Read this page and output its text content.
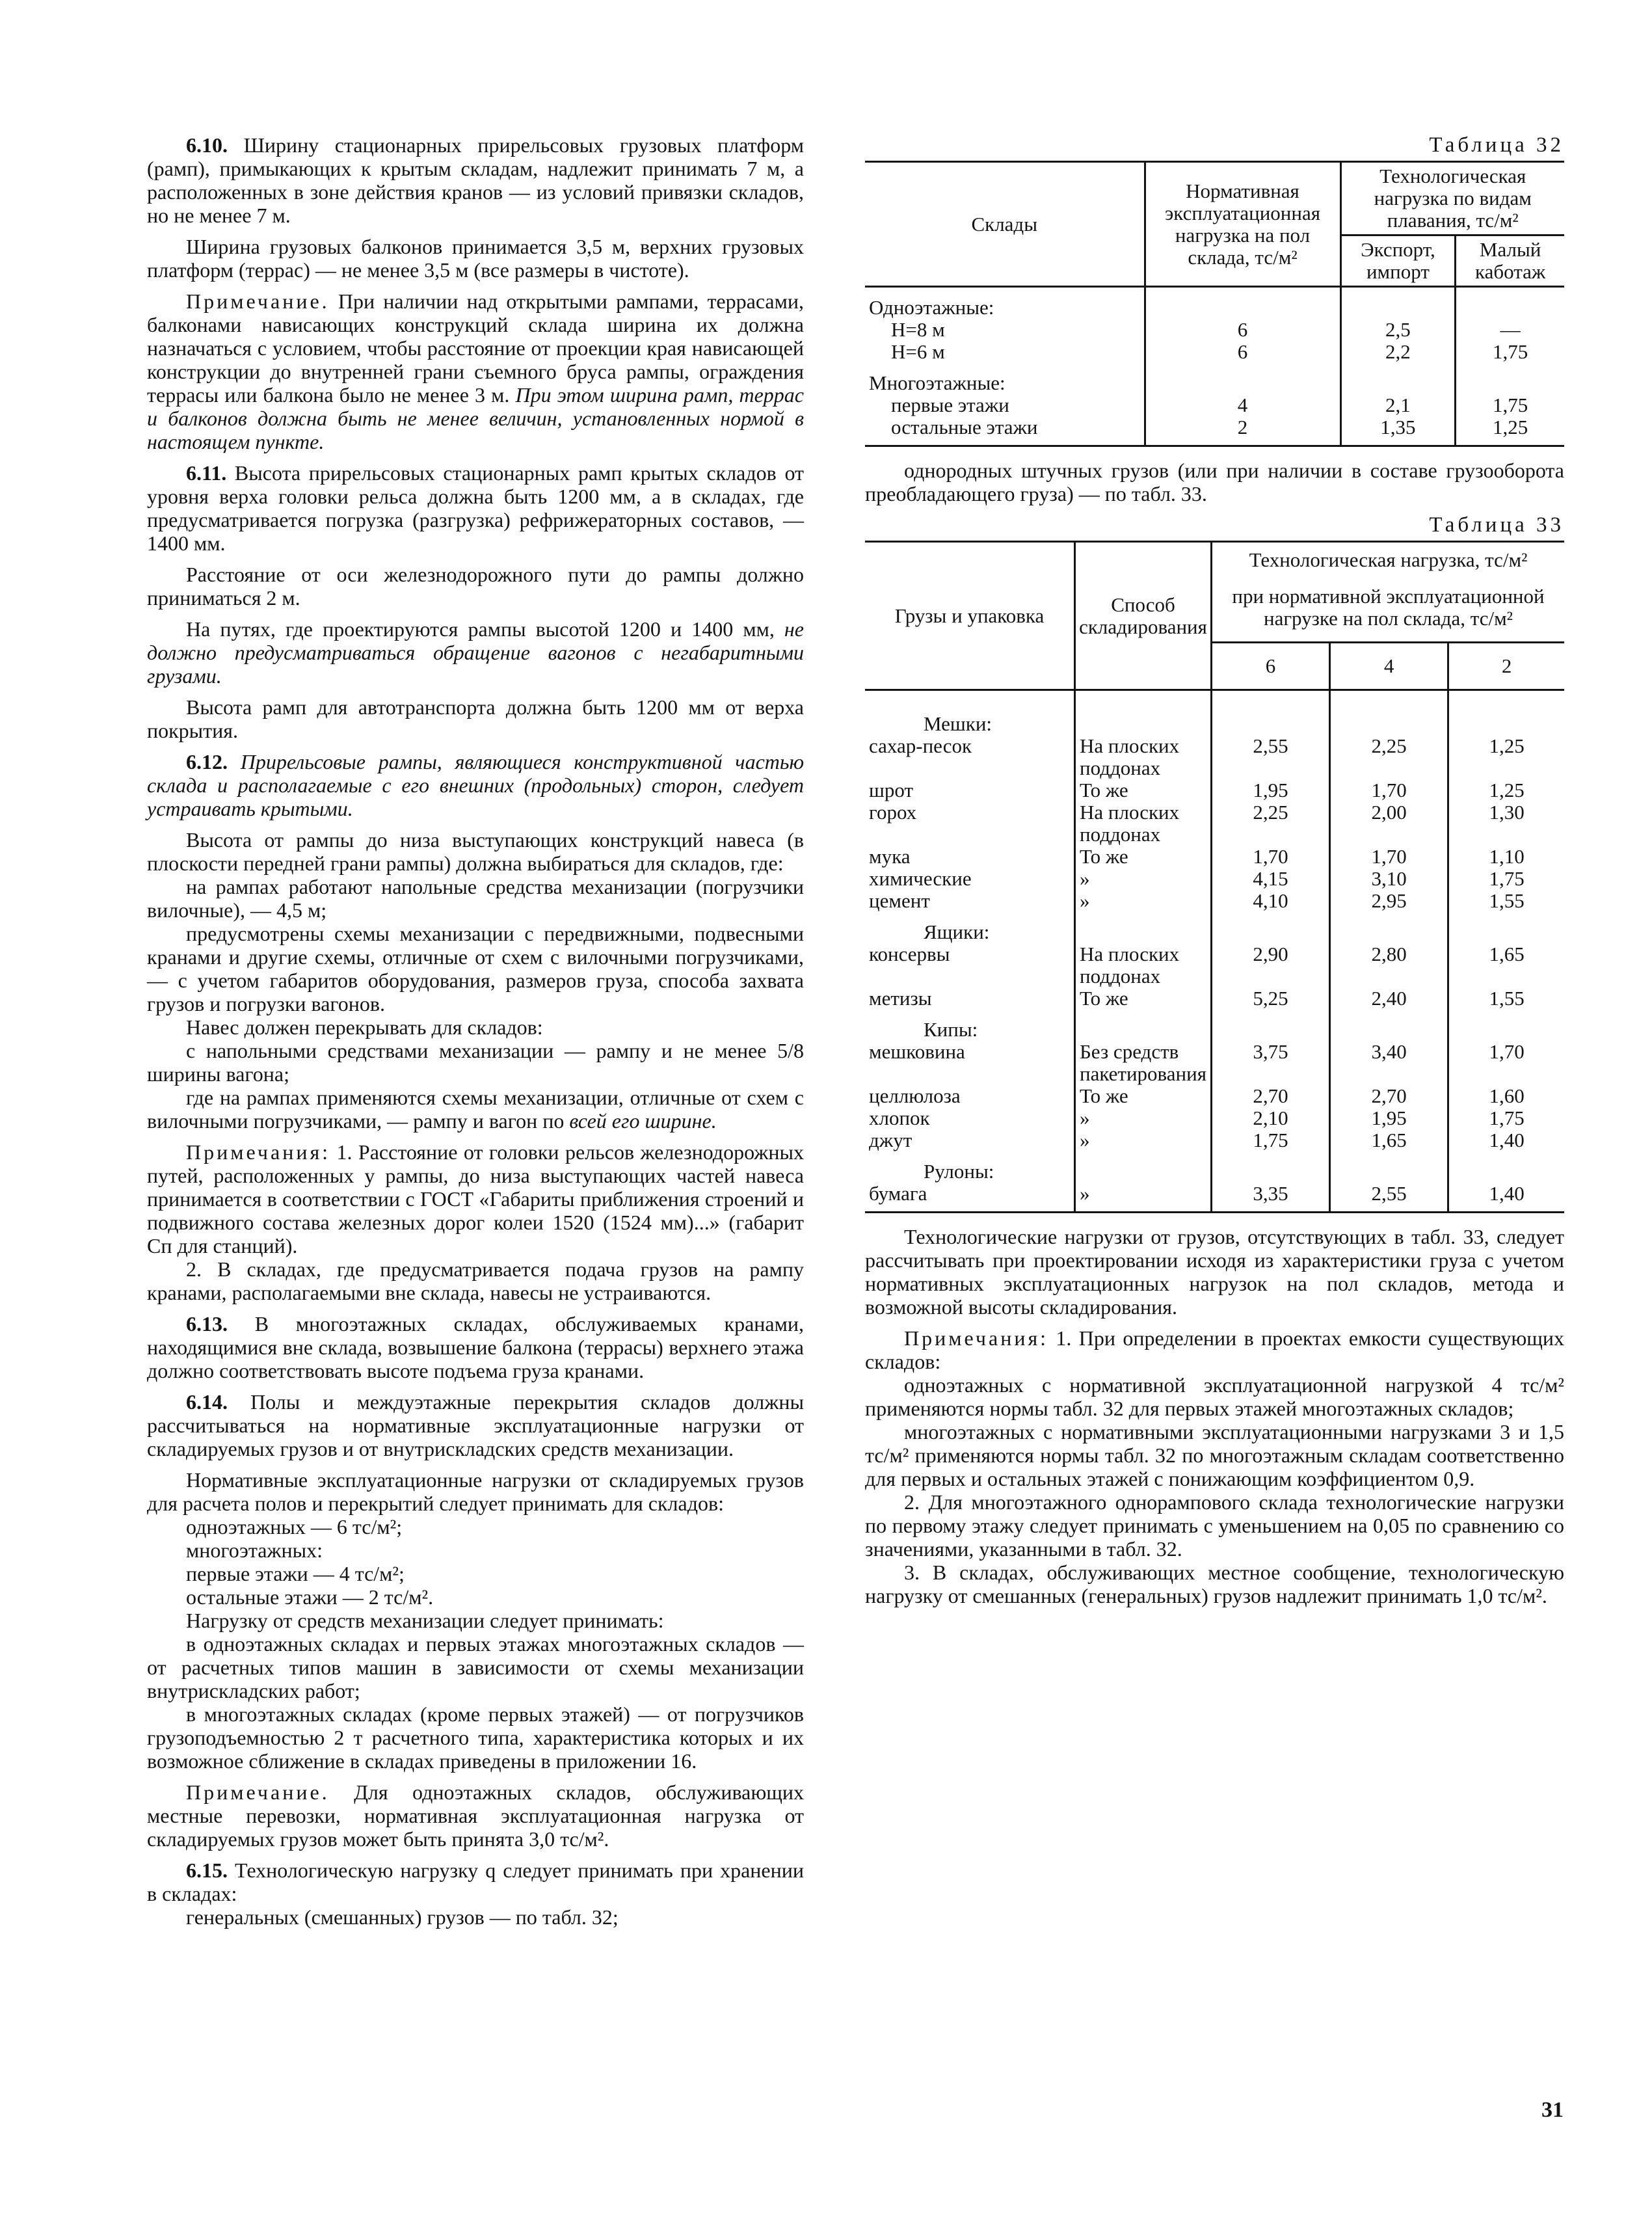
6.10. Ширину стационарных прирельсовых грузовых платформ (рамп), примыкающих к крытым складам, надлежит принимать 7 м, а расположенных в зоне действия кранов — из условий привязки складов, но не менее 7 м.

Ширина грузовых балконов принимается 3,5 м, верхних грузовых платформ (террас) — не менее 3,5 м (все размеры в чистоте).

Примечание. При наличии над открытыми рампами, террасами, балконами нависающих конструкций склада ширина их должна назначаться с условием, чтобы расстояние от проекции края нависающей конструкции до внутренней грани съемного бруса рампы, ограждения террасы или балкона было не менее 3 м. При этом ширина рамп, террас и балконов должна быть не менее величин, установленных нормой в настоящем пункте.

6.11. Высота прирельсовых стационарных рамп крытых складов от уровня верха головки рельса должна быть 1200 мм, а в складах, где предусматривается погрузка (разгрузка) рефрижераторных составов, — 1400 мм.

Расстояние от оси железнодорожного пути до рампы должно приниматься 2 м.

На путях, где проектируются рампы высотой 1200 и 1400 мм, не должно предусматриваться обращение вагонов с негабаритными грузами.

Высота рамп для автотранспорта должна быть 1200 мм от верха покрытия.

6.12. Прирельсовые рампы, являющиеся конструктивной частью склада и располагаемые с его внешних (продольных) сторон, следует устраивать крытыми.

Высота от рампы до низа выступающих конструкций навеса (в плоскости передней грани рампы) должна выбираться для складов, где:

на рампах работают напольные средства механизации (погрузчики вилочные), — 4,5 м;

предусмотрены схемы механизации с передвижными, подвесными кранами и другие схемы, отличные от схем с вилочными погрузчиками, — с учетом габаритов оборудования, размеров груза, способа захвата грузов и погрузки вагонов.

Навес должен перекрывать для складов:

с напольными средствами механизации — рампу и не менее 5/8 ширины вагона;

где на рампах применяются схемы механизации, отличные от схем с вилочными погрузчиками, — рампу и вагон по всей его ширине.

Примечания: 1. Расстояние от головки рельсов железнодорожных путей, расположенных у рампы, до низа выступающих частей навеса принимается в соответствии с ГОСТ «Габариты приближения строений и подвижного состава железных дорог колеи 1520 (1524 мм)...» (габарит Сп для станций).

2. В складах, где предусматривается подача грузов на рампу кранами, располагаемыми вне склада, навесы не устраиваются.

6.13. В многоэтажных складах, обслуживаемых кранами, находящимися вне склада, возвышение балкона (террасы) верхнего этажа должно соответствовать высоте подъема груза кранами.

6.14. Полы и междуэтажные перекрытия складов должны рассчитываться на нормативные эксплуатационные нагрузки от складируемых грузов и от внутрискладских средств механизации.

Нормативные эксплуатационные нагрузки от складируемых грузов для расчета полов и перекрытий следует принимать для складов:

одноэтажных — 6 тс/м²;

многоэтажных:

первые этажи — 4 тс/м²;

остальные этажи — 2 тс/м².

Нагрузку от средств механизации следует принимать:

в одноэтажных складах и первых этажах многоэтажных складов — от расчетных типов машин в зависимости от схемы механизации внутрискладских работ;

в многоэтажных складах (кроме первых этажей) — от погрузчиков грузоподъемностью 2 т расчетного типа, характеристика которых и их возможное сближение в складах приведены в приложении 16.

Примечание. Для одноэтажных складов, обслуживающих местные перевозки, нормативная эксплуатационная нагрузка от складируемых грузов может быть принята 3,0 тс/м².

6.15. Технологическую нагрузку q следует принимать при хранении в складах:

генеральных (смешанных) грузов — по табл. 32;

Таблица 32

Склады	Нормативная эксплуатационная нагрузка на пол склада, тс/м²	Технологическая нагрузка по видам плавания, тс/м²	
		Экспорт, импорт	Малый каботаж
Одноэтажные:			
H=8 м	6	2,5	—
H=6 м	6	2,2	1,75
Многоэтажные:			
первые этажи	4	2,1	1,75
остальные этажи	2	1,35	1,25

однородных штучных грузов (или при наличии в составе грузооборота преобладающего груза) — по табл. 33.

Таблица 33

Грузы и упаковка	Способ складирования	Технологическая нагрузка, тс/м²		
		при нормативной эксплуатационной нагрузке на пол склада, тс/м²		
		6	4	2

Мешки:				
сахар-песок	На плоских поддонах	2,55	2,25	1,25
шрот	То же	1,95	1,70	1,25
горох	На плоских поддонах	2,25	2,00	1,30
мука	То же	1,70	1,70	1,10
химические	»	4,15	3,10	1,75
цемент	»	4,10	2,95	1,55
Ящики:				
консервы	На плоских поддонах	2,90	2,80	1,65
метизы	То же	5,25	2,40	1,55
Кипы:				
мешковина	Без средств пакетирования	3,75	3,40	1,70
целлюлоза	То же	2,70	2,70	1,60
хлопок	»	2,10	1,95	1,75
джут	»	1,75	1,65	1,40
Рулоны:				
бумага	»	3,35	2,55	1,40

Технологические нагрузки от грузов, отсутствующих в табл. 33, следует рассчитывать при проектировании исходя из характеристики груза с учетом нормативных эксплуатационных нагрузок на пол складов, метода и возможной высоты складирования.

Примечания: 1. При определении в проектах емкости существующих складов:

одноэтажных с нормативной эксплуатационной нагрузкой 4 тс/м² применяются нормы табл. 32 для первых этажей многоэтажных складов;

многоэтажных с нормативными эксплуатационными нагрузками 3 и 1,5 тс/м² применяются нормы табл. 32 по многоэтажным складам соответственно для первых и остальных этажей с понижающим коэффициентом 0,9.

2. Для многоэтажного однорампового склада технологические нагрузки по первому этажу следует принимать с уменьшением на 0,05 по сравнению со значениями, указанными в табл. 32.

3. В складах, обслуживающих местное сообщение, технологическую нагрузку от смешанных (генеральных) грузов надлежит принимать 1,0 тс/м².

31
